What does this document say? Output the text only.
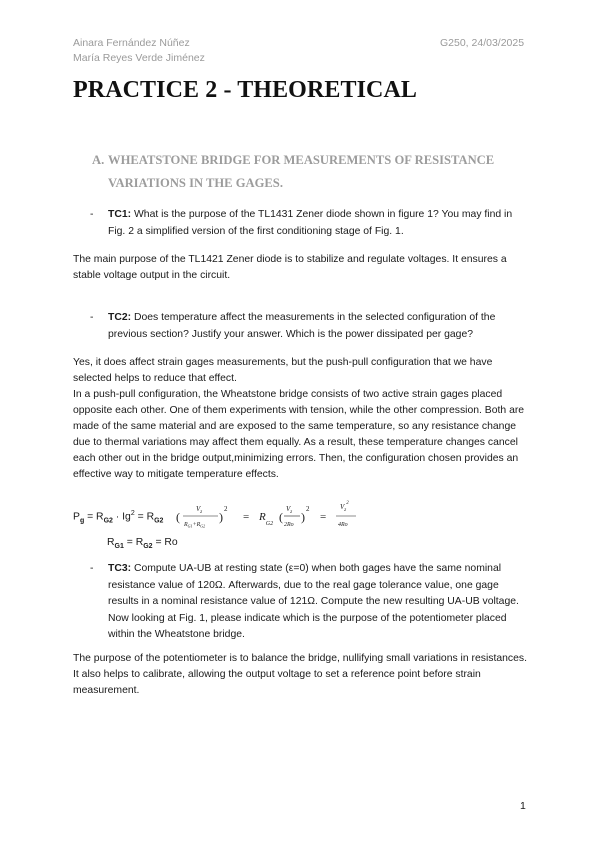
Ainara Fernández Núñez
María Reyes Verde Jiménez
G250, 24/03/2025
PRACTICE 2 - THEORETICAL
A. WHEATSTONE BRIDGE FOR MEASUREMENTS OF RESISTANCE VARIATIONS IN THE GAGES.
- TC1: What is the purpose of the TL1431 Zener diode shown in figure 1? You may find in Fig. 2 a simplified version of the first conditioning stage of Fig. 1.

The main purpose of the TL1421 Zener diode is to stabilize and regulate voltages. It ensures a stable voltage output in the circuit.

- TC2: Does temperature affect the measurements in the selected configuration of the previous section? Justify your answer. Which is the power dissipated per gage?

Yes, it does affect strain gages measurements, but the push-pull configuration that we have selected helps to reduce that effect.

In a push-pull configuration, the Wheatstone bridge consists of two active strain gages placed opposite each other. One of them experiments with tension, while the other compression. Both are made of the same material and are exposed to the same temperature, so any resistance change due to thermal variations may affect them equally. As a result, these temperature changes cancel each other out in the bridge output,minimizing errors. Then, the configuration chosen provides an effective way to mitigate temperature effects.

$P_g = R_{G2} \cdot Ig^2 = R_{G2}$ (
$V_z$
$R_{G1}+R_{G2}$
)
2
= $R_{G2}$ (
$V_z$
2Ro
)
2
=
$V_z^2$
4Ro
$R_{G1} = R_{G2} = Ro$
- TC3: Compute UA-UB at resting state (ε=0) when both gages have the same nominal resistance value of 120Ω. Afterwards, due to the real gage tolerance value, one gage results in a nominal resistance value of 121Ω. Compute the new resulting UA-UB voltage. Now looking at Fig. 1, please indicate which is the purpose of the potentiometer placed within the Wheatstone bridge.

The purpose of the potentiometer is to balance the bridge, nullifying small variations in resistances. It also helps to calibrate, allowing the output voltage to set a reference point before strain measurement.

1
